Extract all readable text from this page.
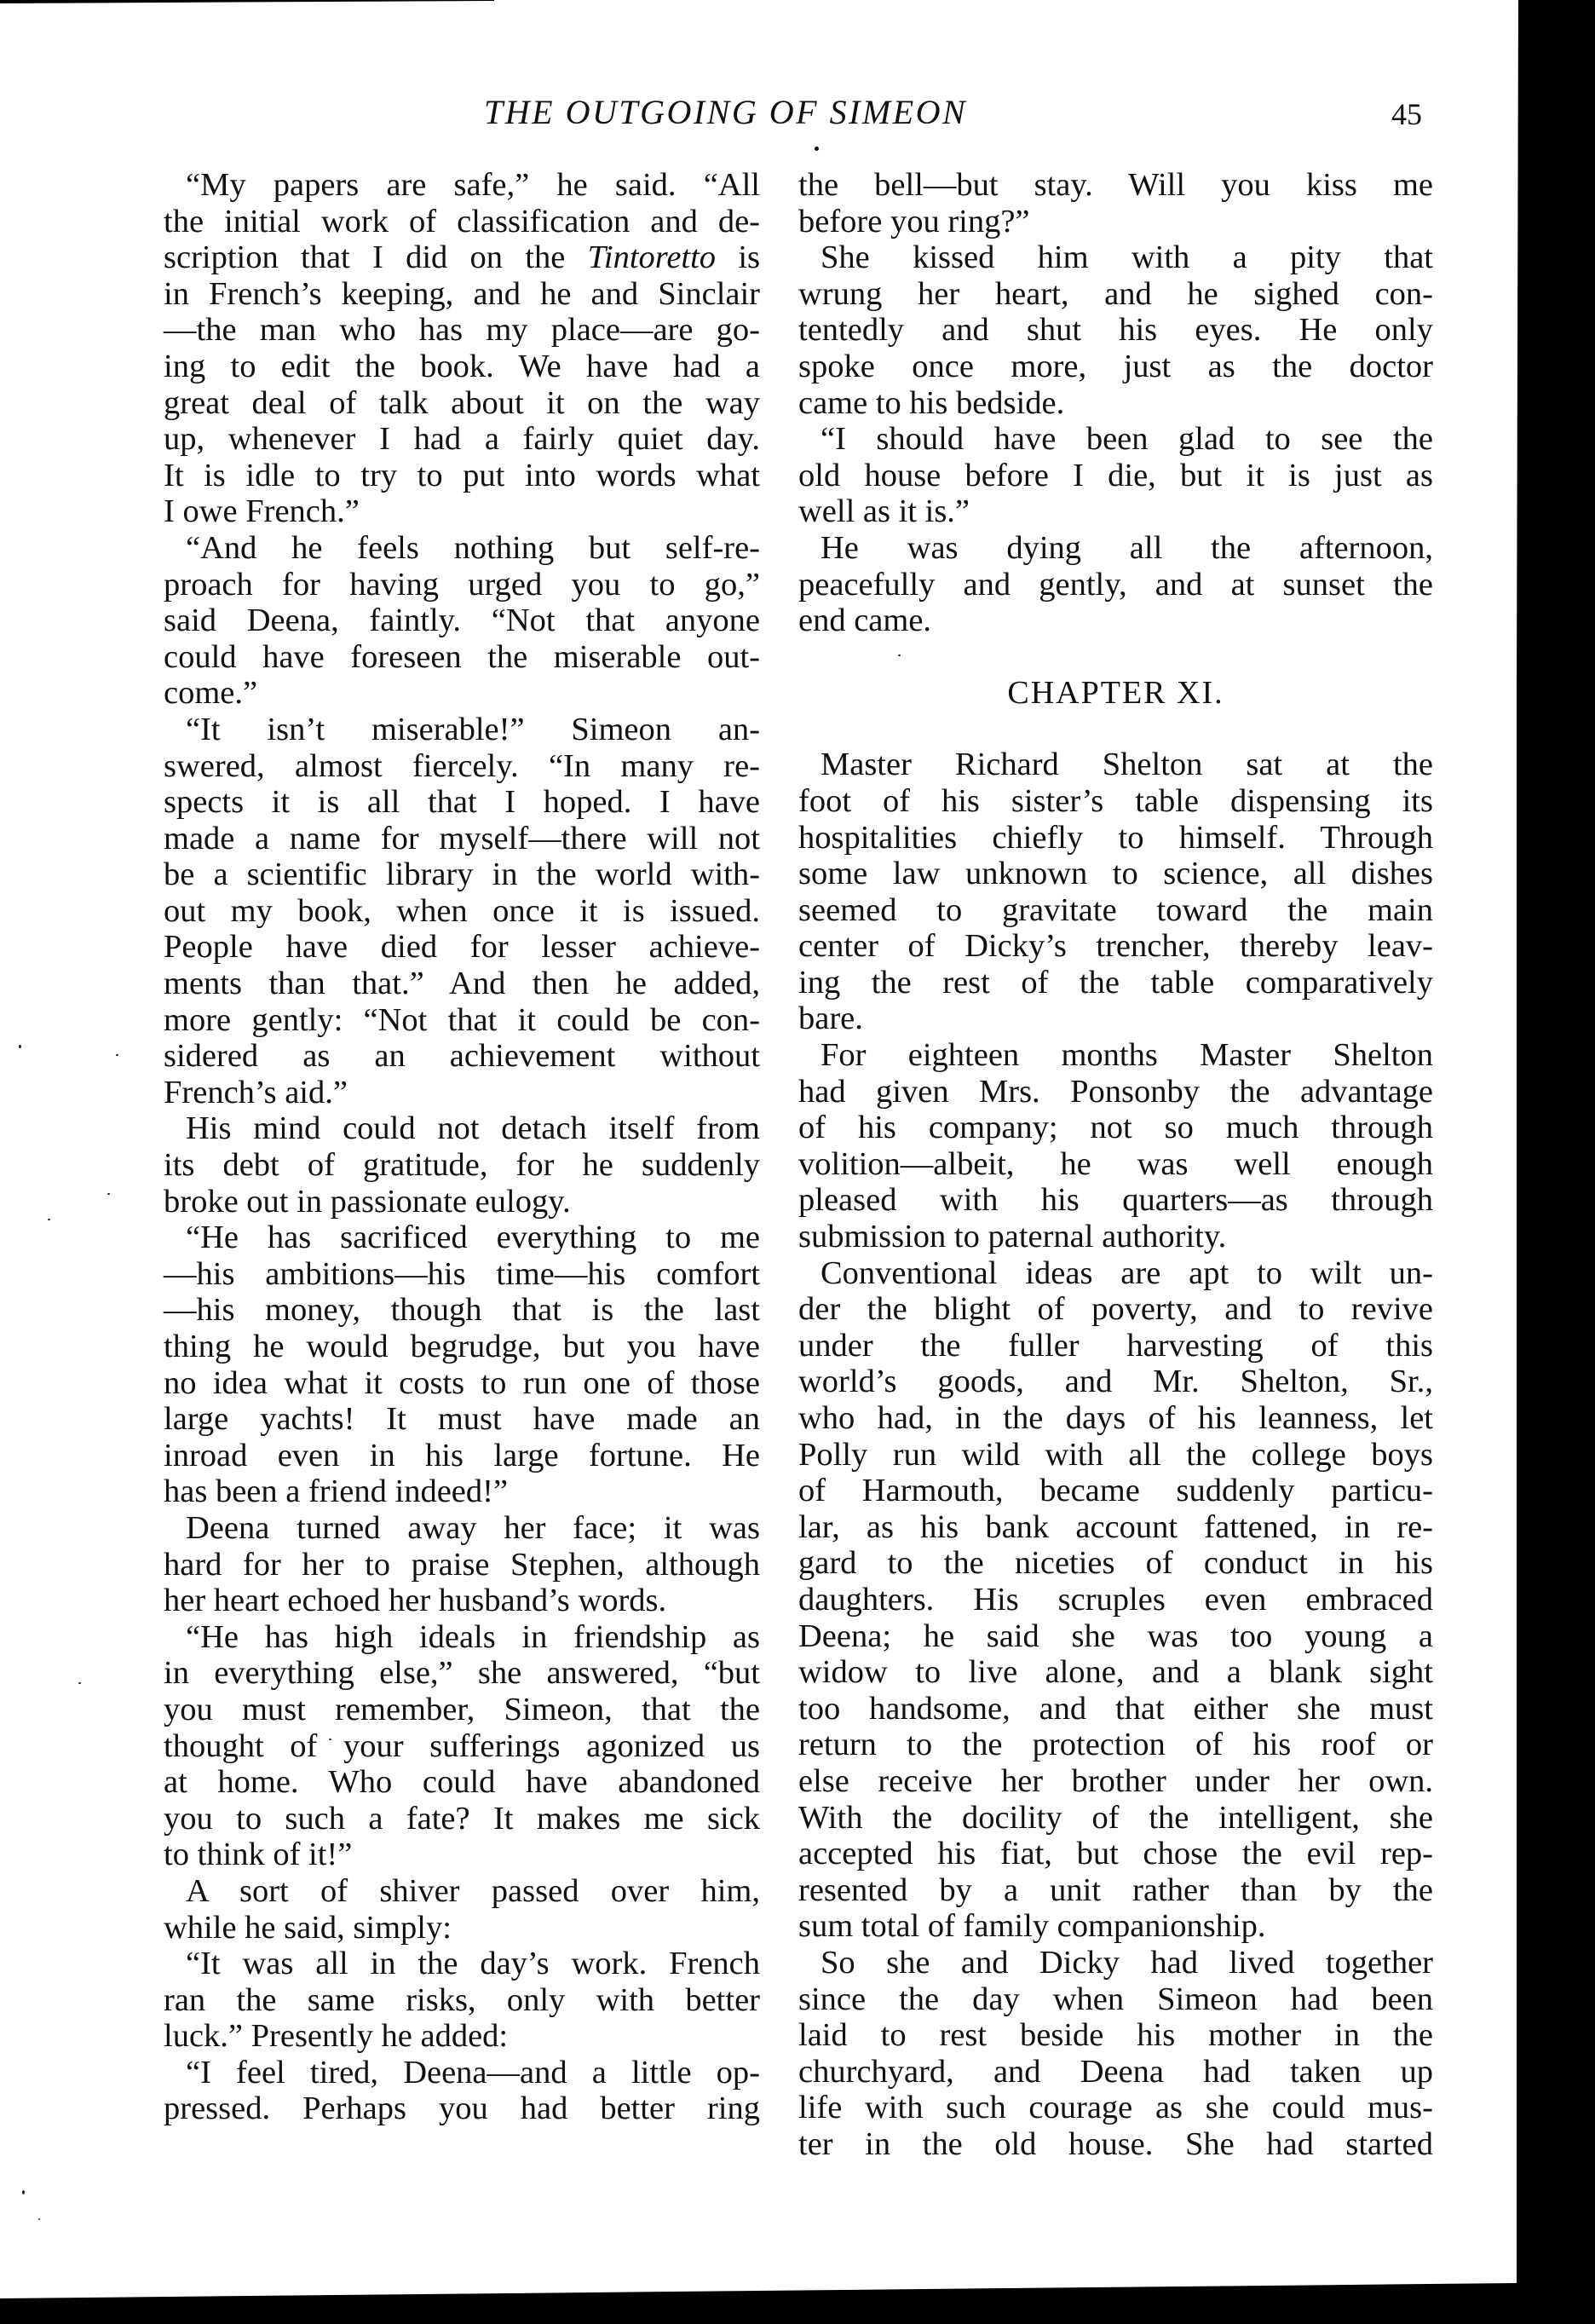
THE OUTGOING OF SIMEON	45
“My papers are safe,” he said. “All
the initial work of classification and de-
scription that I did on the Tintoretto is
in French’s keeping, and he and Sinclair
—the man who has my place—are go-
ing to edit the book. We have had a
great deal of talk about it on the way
up, whenever I had a fairly quiet day.
It is idle to try to put into words what
I owe French.”
“And he feels nothing but self-re-
proach for having urged you to go,”
said Deena, faintly. “Not that anyone
could have foreseen the miserable out-
come.”
“It isn’t miserable!” Simeon an-
swered, almost fiercely. “In many re-
spects it is all that I hoped. I have
made a name for myself—there will not
be a scientific library in the world with-
out my book, when once it is issued.
People have died for lesser achieve-
ments than that.” And then he added,
more gently: “Not that it could be con-
sidered as an achievement without
French’s aid.”
His mind could not detach itself from
its debt of gratitude, for he suddenly
broke out in passionate eulogy.
“He has sacrificed everything to me
—his ambitions—his time—his comfort
—his money, though that is the last
thing he would begrudge, but you have
no idea what it costs to run one of those
large yachts! It must have made an
inroad even in his large fortune. He
has been a friend indeed!”
Deena turned away her face; it was
hard for her to praise Stephen, although
her heart echoed her husband’s words.
“He has high ideals in friendship as
in everything else,” she answered, “but
you must remember, Simeon, that the
thought of your sufferings agonized us
at home. Who could have abandoned
you to such a fate? It makes me sick
to think of it!”
A sort of shiver passed over him,
while he said, simply:
“It was all in the day’s work. French
ran the same risks, only with better
luck.” Presently he added:
“I feel tired, Deena—and a little op-
pressed. Perhaps you had better ring
the bell—but stay. Will you kiss me
before you ring?”
She kissed him with a pity that
wrung her heart, and he sighed con-
tentedly and shut his eyes. He only
spoke once more, just as the doctor
came to his bedside.
“I should have been glad to see the
old house before I die, but it is just as
well as it is.”
He was dying all the afternoon,
peacefully and gently, and at sunset the
end came.
CHAPTER XI.
Master Richard Shelton sat at the
foot of his sister’s table dispensing its
hospitalities chiefly to himself. Through
some law unknown to science, all dishes
seemed to gravitate toward the main
center of Dicky’s trencher, thereby leav-
ing the rest of the table comparatively
bare.
For eighteen months Master Shelton
had given Mrs. Ponsonby the advantage
of his company; not so much through
volition—albeit, he was well enough
pleased with his quarters—as through
submission to paternal authority.
Conventional ideas are apt to wilt un-
der the blight of poverty, and to revive
under the fuller harvesting of this
world’s goods, and Mr. Shelton, Sr.,
who had, in the days of his leanness, let
Polly run wild with all the college boys
of Harmouth, became suddenly particu-
lar, as his bank account fattened, in re-
gard to the niceties of conduct in his
daughters. His scruples even embraced
Deena; he said she was too young a
widow to live alone, and a blank sight
too handsome, and that either she must
return to the protection of his roof or
else receive her brother under her own.
With the docility of the intelligent, she
accepted his fiat, but chose the evil rep-
resented by a unit rather than by the
sum total of family companionship.
So she and Dicky had lived together
since the day when Simeon had been
laid to rest beside his mother in the
churchyard, and Deena had taken up
life with such courage as she could mus-
ter in the old house. She had started
